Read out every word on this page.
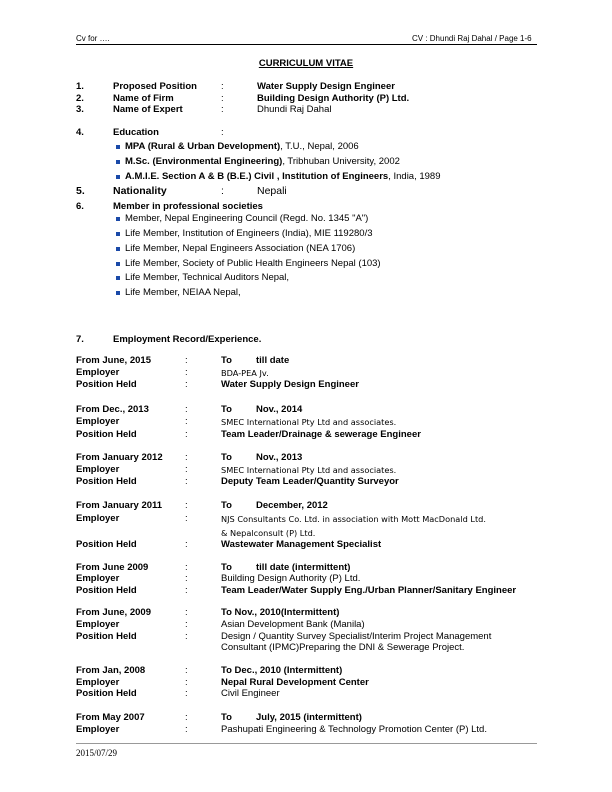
Cv for ….	CV : Dhundi Raj Dahal / Page 1-6
CURRICULUM VITAE
1.	Proposed Position	:	Water Supply Design Engineer
2.	Name of Firm	:	Building Design Authority (P) Ltd.
3.	Name of Expert	:	Dhundi Raj Dahal
4.	Education	:
MPA (Rural & Urban Development), T.U., Nepal, 2006
M.Sc. (Environmental Engineering), Tribhuban University, 2002
A.M.I.E. Section A & B (B.E.) Civil , Institution of Engineers, India, 1989
5.	Nationality	:	Nepali
6.	Member in professional societies
Member, Nepal Engineering Council (Regd. No. 1345 "A")
Life Member, Institution of Engineers (India), MIE 119280/3
Life Member, Nepal Engineers Association (NEA 1706)
Life Member, Society of Public Health Engineers Nepal (103)
Life Member, Technical Auditors Nepal,
Life Member, NEIAA Nepal,
7.	Employment Record/Experience.
From June, 2015	:	To	till date
Employer	:	BDA-PEA Jv.
Position Held	:	Water Supply Design Engineer
From Dec., 2013	:	To	Nov., 2014
Employer	:	SMEC International Pty Ltd and associates.
Position Held	:	Team Leader/Drainage & sewerage Engineer
From January 2012 :	To	Nov., 2013
Employer	:	SMEC International Pty Ltd and associates.
Position Held	:	Deputy Team Leader/Quantity Surveyor
From January 2011 :	To	December, 2012
Employer	:	NJS Consultants Co. Ltd. in association with Mott MacDonald Ltd.
& Nepalconsult (P) Ltd.
Position Held	:	Wastewater Management Specialist
From June 2009	:	To	till date (intermittent)
Employer	:	Building Design Authority (P) Ltd.
Position Held	:	Team Leader/Water Supply Eng./Urban Planner/Sanitary Engineer
From June, 2009	:	To Nov., 2010(Intermittent)
Employer	:	Asian Development Bank (Manila)
Position Held	:	Design / Quantity Survey Specialist/Interim Project Management
Consultant (IPMC)Preparing the DNI & Sewerage Project.
From Jan, 2008	:	To Dec., 2010 (Intermittent)
Employer	:	Nepal Rural Development Center
Position Held	:	Civil Engineer
From May 2007	:	To	July, 2015 (intermittent)
Employer	:	Pashupati Engineering & Technology Promotion Center (P) Ltd.
2015/07/29
